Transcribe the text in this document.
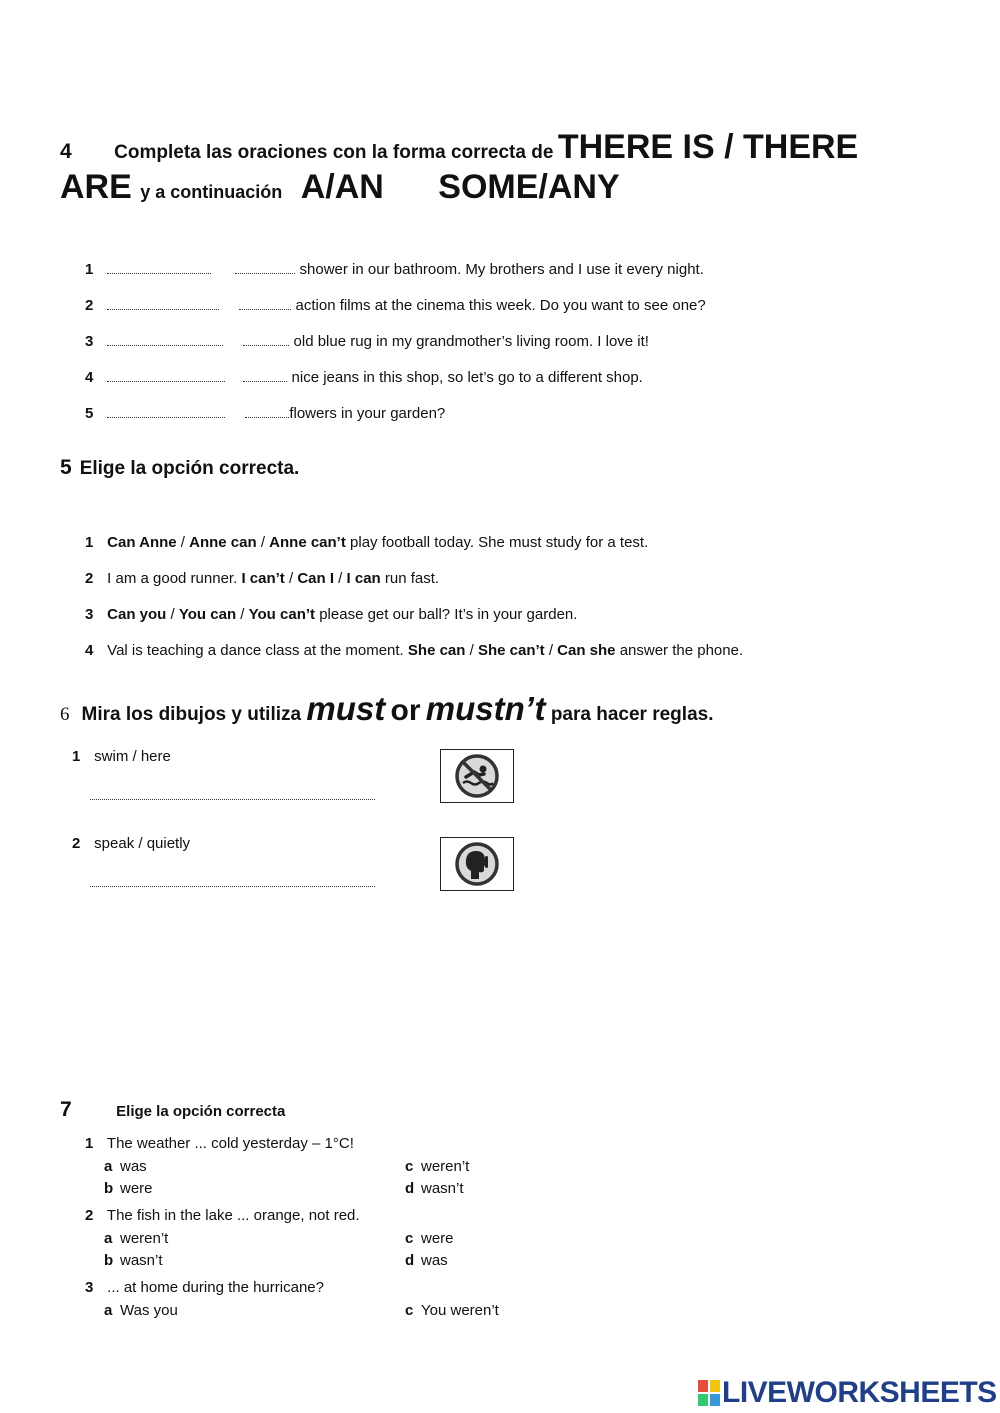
4 Completa las oraciones con la forma correcta de THERE IS / THERE
ARE y a continuación A/AN SOME/ANY
1	shower in our bathroom. My brothers and I use it every night.
2	action films at the cinema this week. Do you want to see one?
3	old blue rug in my grandmother’s living room. I love it!
4	nice jeans in this shop, so let’s go to a different shop.
5	flowers in your garden?
5 Elige la opción correcta.
1 Can Anne / Anne can / Anne can’t play football today. She must study for a test.
2 I am a good runner. I can’t / Can I / I can run fast.
3 Can you / You can / You can’t please get our ball? It’s in your garden.
4 Val is teaching a dance class at the moment. She can / She can’t / Can she answer the phone.
6 Mira los dibujos y utiliza must or mustn’t para hacer reglas.
1 swim / here
2 speak / quietly
7	Elige la opción correcta
1 The weather ... cold yesterday – 1°C!
a was	c weren’t
b were	d wasn’t
2 The fish in the lake ... orange, not red.
a weren’t	c were
b wasn’t	d was
3 ... at home during the hurricane?
a Was you	c You weren’t
LIVEWORKSHEETS
